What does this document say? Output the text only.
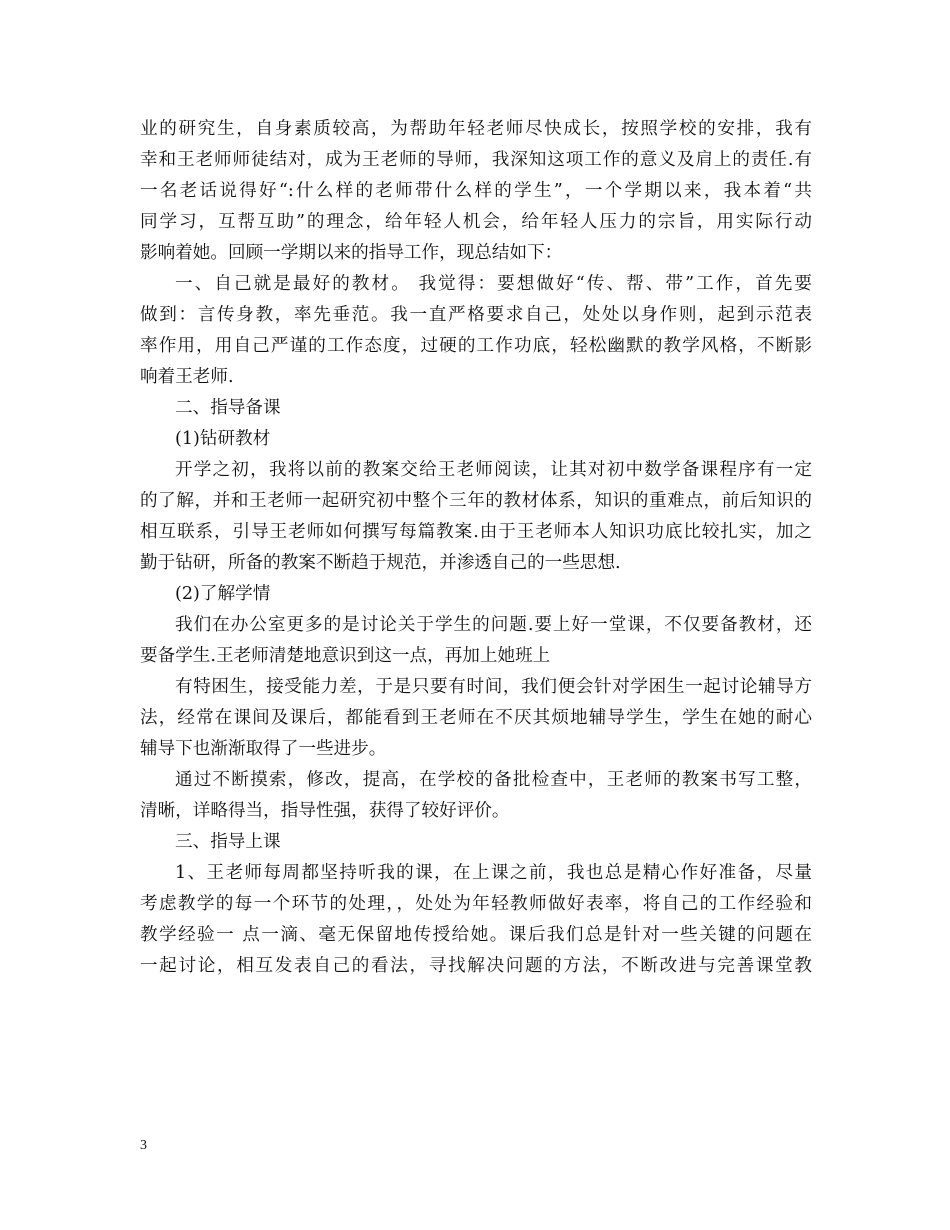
业的研究生，自身素质较高，为帮助年轻老师尽快成长，按照学校的安排，我有
幸和王老师师徒结对，成为王老师的导师，我深知这项工作的意义及肩上的责任.有
一名老话说得好“:什么样的老师带什么样的学生”，一个学期以来，我本着“共
同学习，互帮互助”的理念，给年轻人机会，给年轻人压力的宗旨，用实际行动
影响着她。回顾一学期以来的指导工作，现总结如下：
一、自己就是最好的教材。 我觉得：要想做好“传、帮、带”工作，首先要
做到：言传身教，率先垂范。我一直严格要求自己，处处以身作则，起到示范表
率作用，用自己严谨的工作态度，过硬的工作功底，轻松幽默的教学风格，不断影
响着王老师.
二、指导备课
(1)钻研教材
开学之初，我将以前的教案交给王老师阅读，让其对初中数学备课程序有一定
的了解，并和王老师一起研究初中整个三年的教材体系，知识的重难点，前后知识的
相互联系，引导王老师如何撰写每篇教案.由于王老师本人知识功底比较扎实，加之
勤于钻研，所备的教案不断趋于规范，并渗透自己的一些思想.
(2)了解学情
我们在办公室更多的是讨论关于学生的问题.要上好一堂课，不仅要备教材，还
要备学生.王老师清楚地意识到这一点，再加上她班上
有特困生，接受能力差，于是只要有时间，我们便会针对学困生一起讨论辅导方
法，经常在课间及课后，都能看到王老师在不厌其烦地辅导学生，学生在她的耐心
辅导下也渐渐取得了一些进步。
通过不断摸索，修改，提高，在学校的备批检查中，王老师的教案书写工整，
清晰，详略得当，指导性强，获得了较好评价。
三、指导上课
1、王老师每周都坚持听我的课，在上课之前，我也总是精心作好准备，尽量
考虑教学的每一个环节的处理，，处处为年轻教师做好表率，将自己的工作经验和
教学经验一 点一滴、毫无保留地传授给她。课后我们总是针对一些关键的问题在
一起讨论，相互发表自己的看法，寻找解决问题的方法，不断改进与完善课堂教
3
